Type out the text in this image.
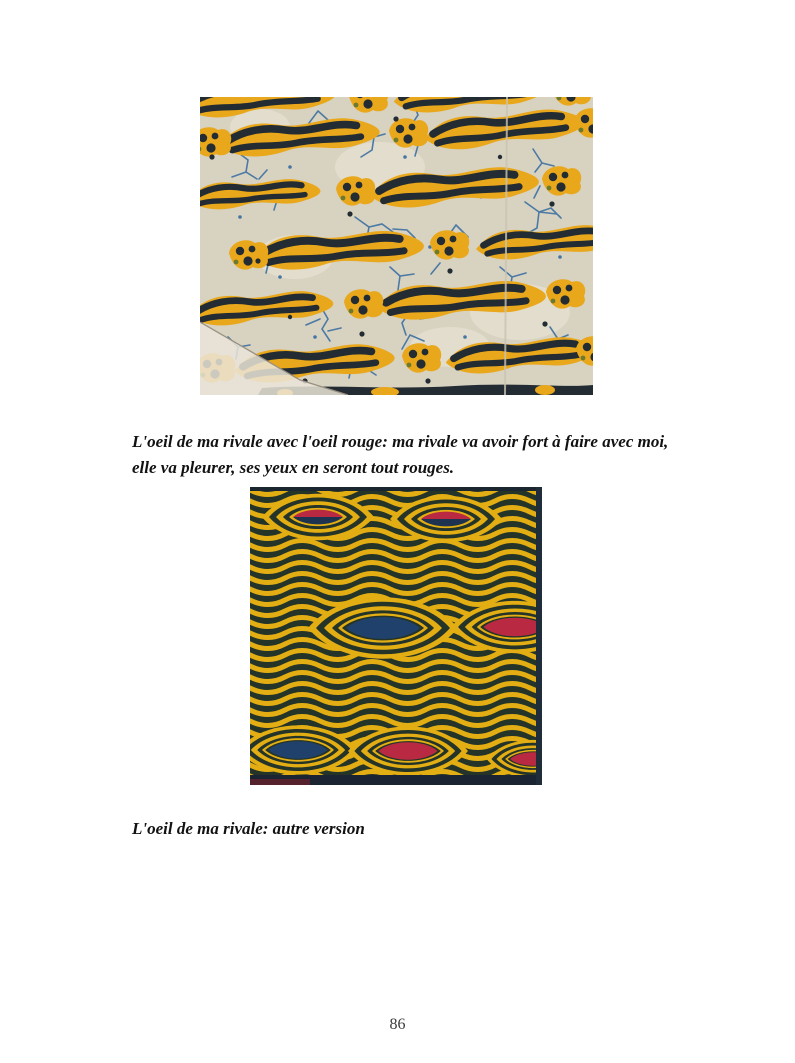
L'oeil de ma rivale avec l'oeil rouge: ma rivale va avoir fort à faire avec moi,
elle va pleurer, ses yeux en seront tout rouges.
L'oeil de ma rivale: autre version
86
